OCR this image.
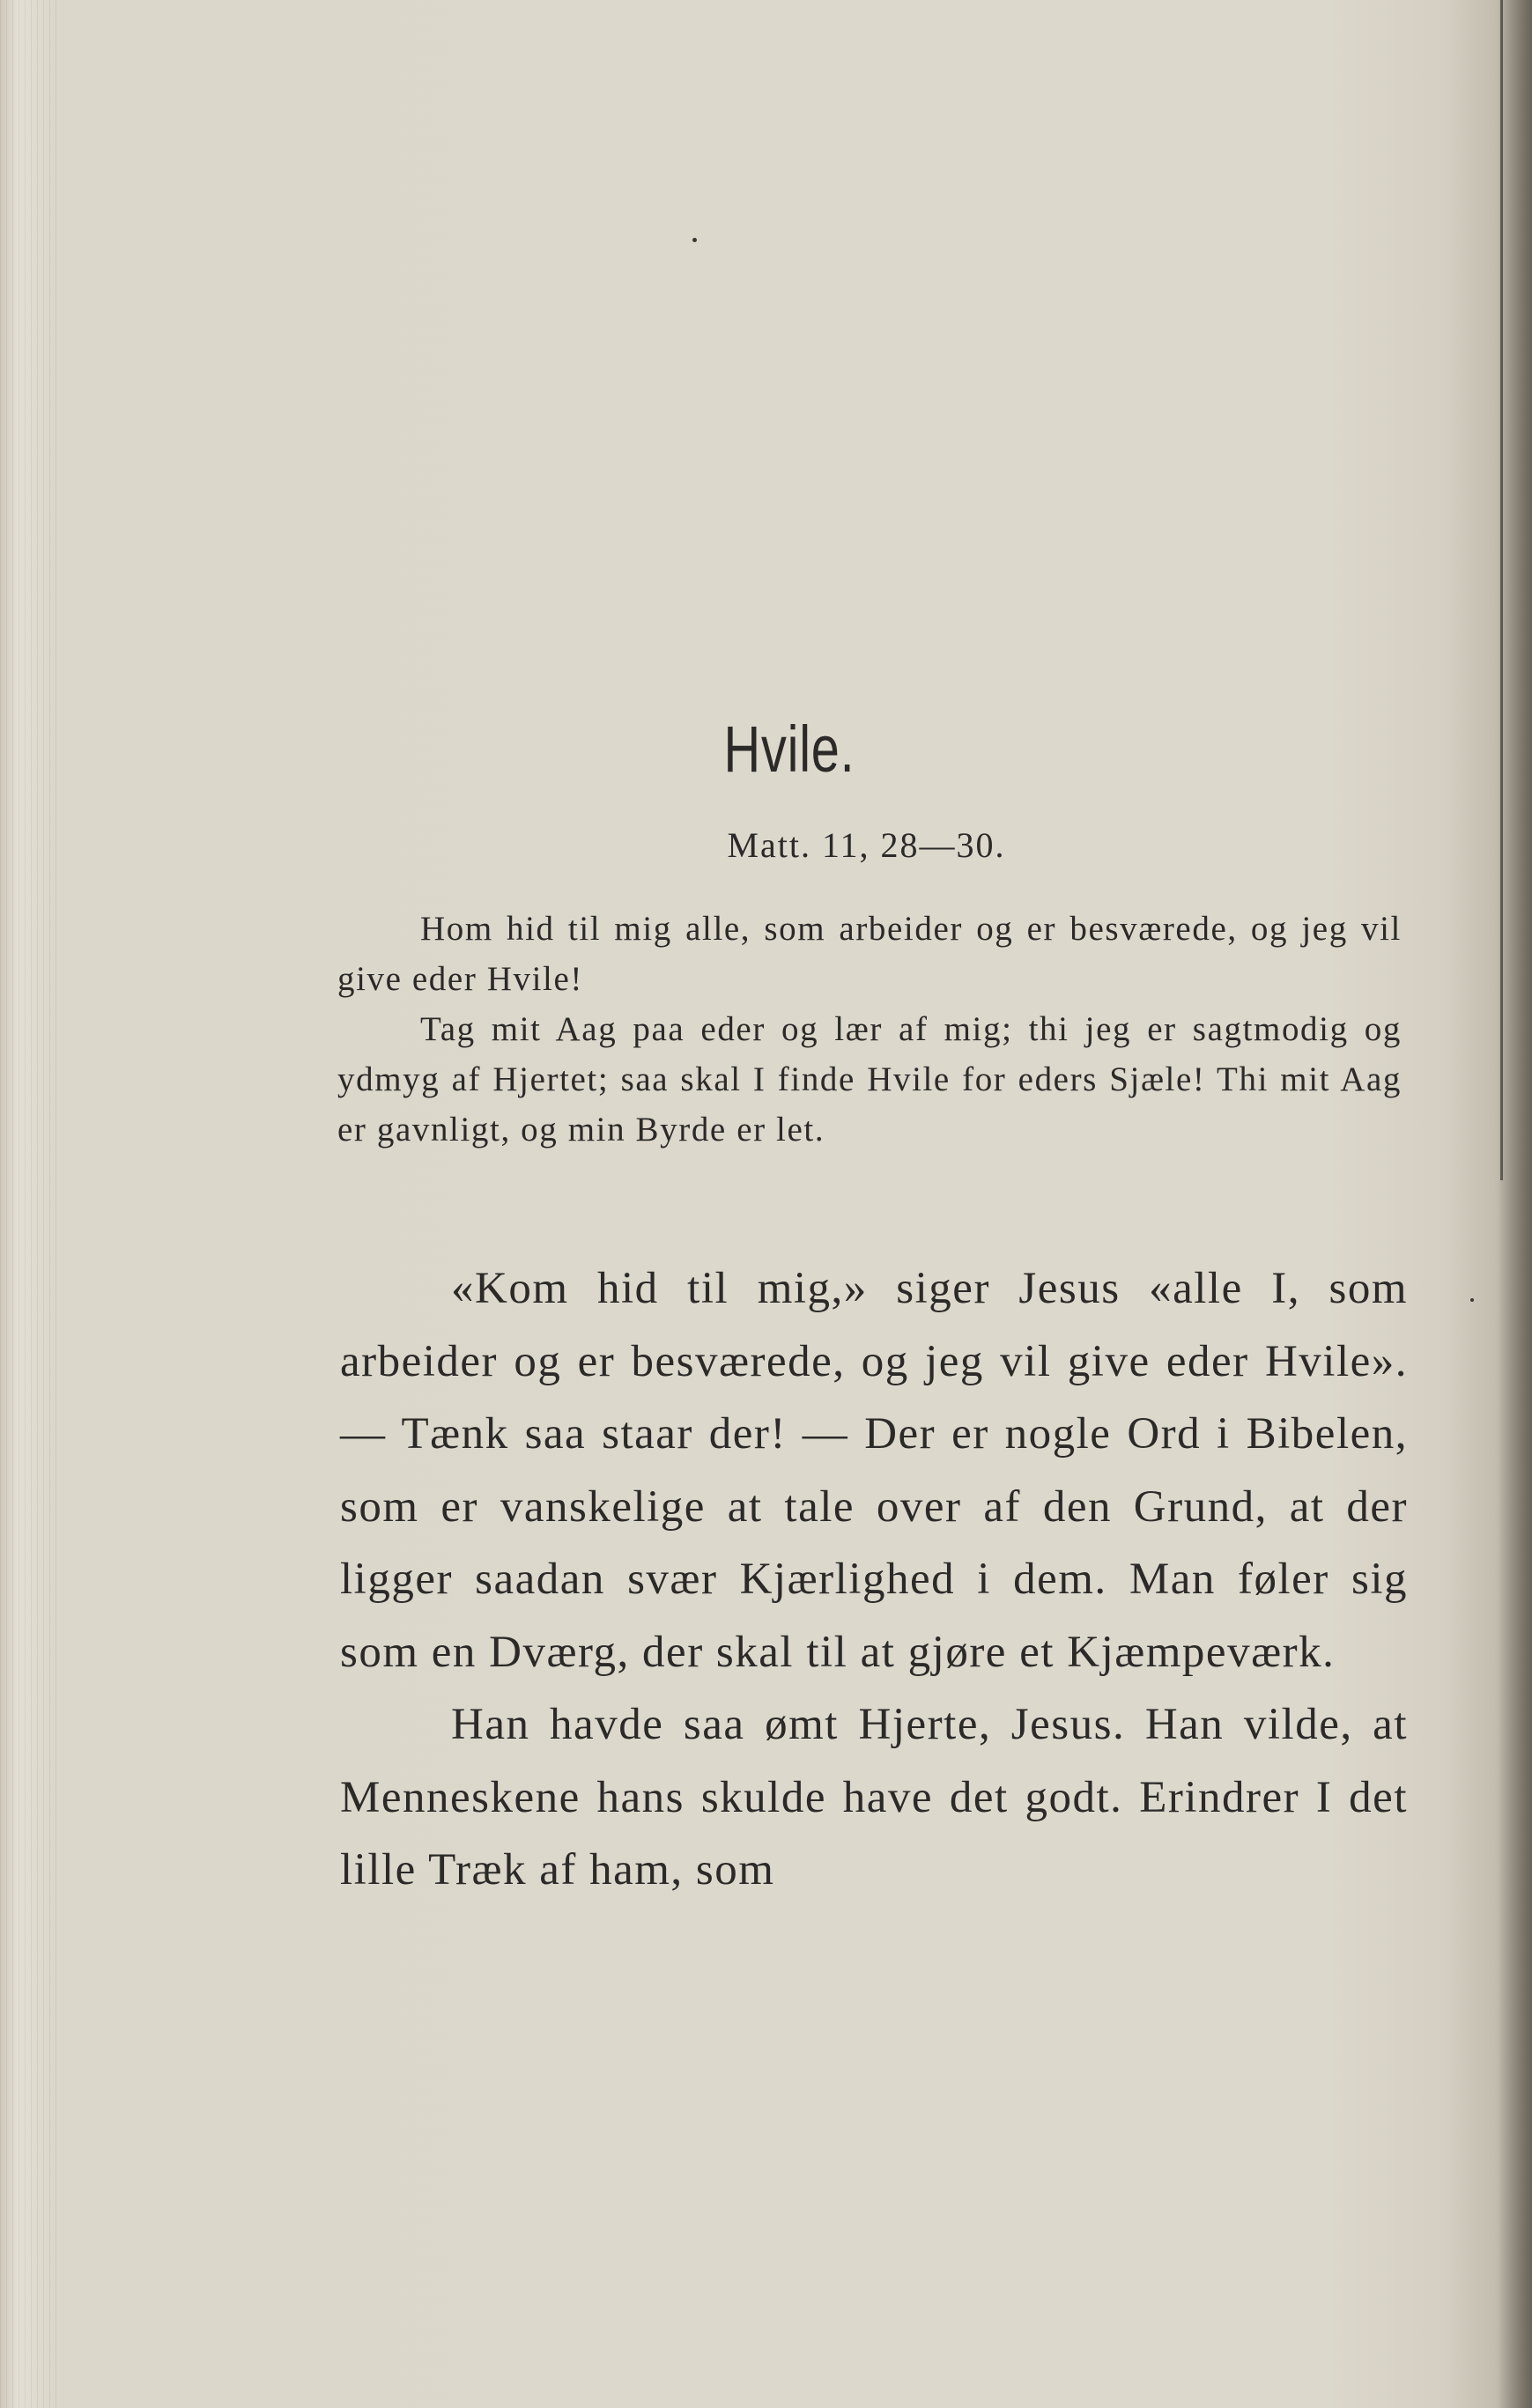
Hvile.
Matt. 11, 28—30.

Hom hid til mig alle, som arbeider og er besværede, og jeg vil give eder Hvile!

Tag mit Aag paa eder og lær af mig; thi jeg er sagtmodig og ydmyg af Hjertet; saa skal I finde Hvile for eders Sjæle! Thi mit Aag er gavnligt, og min Byrde er let.

«Kom hid til mig,» siger Jesus «alle I, som arbeider og er besværede, og jeg vil give eder Hvile». — Tænk saa staar der! — Der er nogle Ord i Bibelen, som er vanskelige at tale over af den Grund, at der ligger saadan svær Kjærlighed i dem. Man føler sig som en Dværg, der skal til at gjøre et Kjæmpeværk.

Han havde saa ømt Hjerte, Jesus. Han vilde, at Menneskene hans skulde have det godt. Erindrer I det lille Træk af ham, som
